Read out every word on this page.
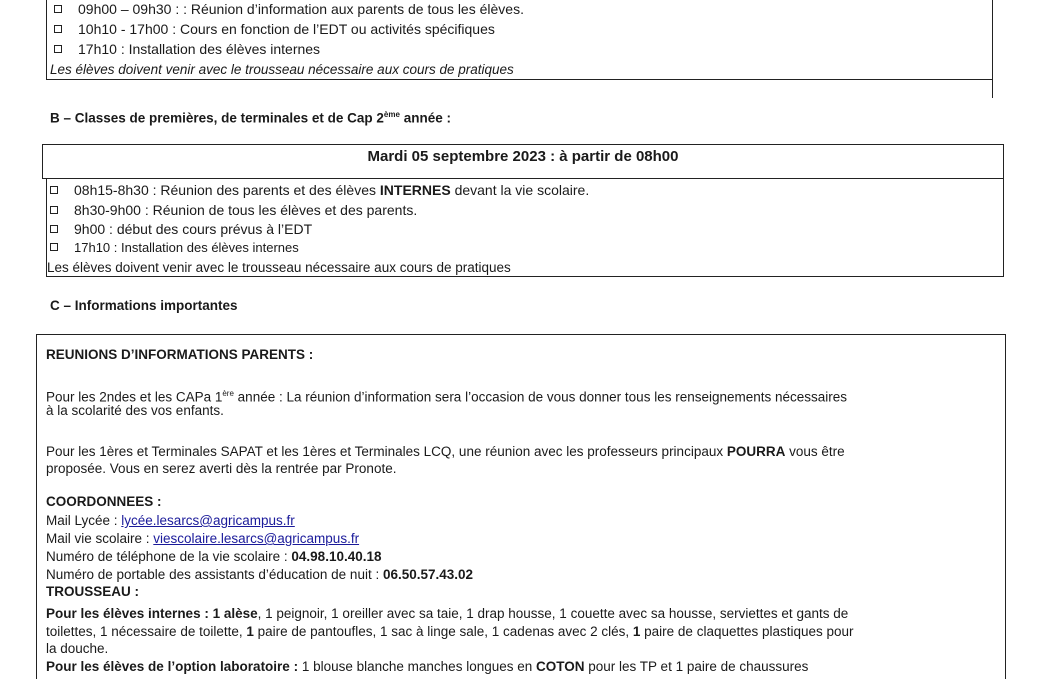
09h00 – 09h30 : : Réunion d’information aux parents de tous les élèves.
10h10 - 17h00 : Cours en fonction de l’EDT ou activités spécifiques
17h10 : Installation des élèves internes
Les élèves doivent venir avec le trousseau nécessaire aux cours de pratiques
B – Classes de premières, de terminales et de Cap 2ème année :
Mardi 05 septembre 2023 : à partir de 08h00
08h15-8h30 : Réunion des parents et des élèves INTERNES devant la vie scolaire.
8h30-9h00 : Réunion de tous les élèves et des parents.
9h00 : début des cours prévus à l’EDT
17h10 : Installation des élèves internes
Les élèves doivent venir avec le trousseau nécessaire aux cours de pratiques
C – Informations importantes
REUNIONS D’INFORMATIONS PARENTS :
Pour les 2ndes et les CAPa 1ère année : La réunion d’information sera l’occasion de vous donner tous les renseignements nécessaires
à la scolarité des vos enfants.
Pour les 1ères et Terminales SAPAT et les 1ères et Terminales LCQ, une réunion avec les professeurs principaux POURRA vous être
proposée. Vous en serez averti dès la rentrée par Pronote.
COORDONNEES :
Mail Lycée : lycée.lesarcs@agricampus.fr
Mail vie scolaire : viescolaire.lesarcs@agricampus.fr
Numéro de téléphone de la vie scolaire : 04.98.10.40.18
Numéro de portable des assistants d’éducation de nuit : 06.50.57.43.02
TROUSSEAU :
Pour les élèves internes : 1 alèse, 1 peignoir, 1 oreiller avec sa taie, 1 drap housse, 1 couette avec sa housse, serviettes et gants de
toilettes, 1 nécessaire de toilette, 1 paire de pantoufles, 1 sac à linge sale, 1 cadenas avec 2 clés, 1 paire de claquettes plastiques pour
la douche.
Pour les élèves de l’option laboratoire : 1 blouse blanche manches longues en COTON pour les TP et 1 paire de chaussures
